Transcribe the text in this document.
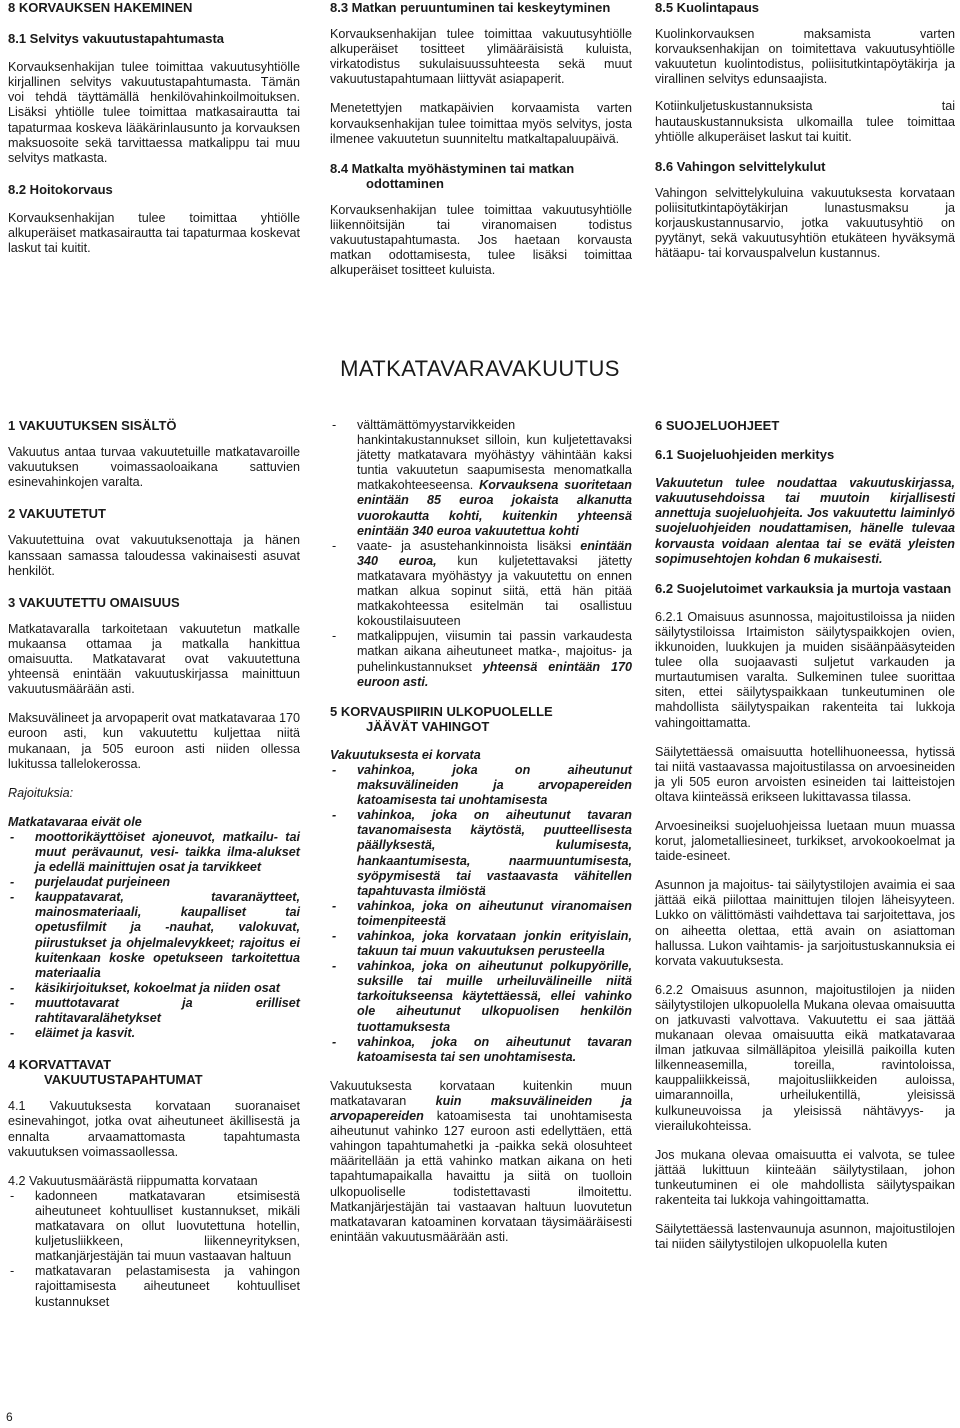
8 KORVAUKSEN HAKEMINEN
8.1 Selvitys vakuutustapahtumasta

Korvauksenhakijan tulee toimittaa vakuutusyhtiölle kirjallinen selvitys vakuutustapahtumasta. Tämän voi tehdä täyttämällä henkilövahinkoilmoituksen. Lisäksi yhtiölle tulee toimittaa matkasairautta tai tapaturmaa koskeva lääkärinlausunto ja korvauksen maksuosoite sekä tarvittaessa matkalippu tai muu selvitys matkasta.

8.2 Hoitokorvaus

Korvauksenhakijan tulee toimittaa yhtiölle alkuperäiset matkasairautta tai tapaturmaa koskevat laskut tai kuitit.

8.3 Matkan peruuntuminen tai keskeytyminen

Korvauksenhakijan tulee toimittaa vakuutusyhtiölle alkuperäiset tositteet ylimääräisistä kuluista, virkatodistus sukulaisuussuhteesta sekä muut vakuutustapahtumaan liittyvät asiapaperit.

Menetettyjen matkapäivien korvaamista varten korvauksenhakijan tulee toimittaa myös selvitys, josta ilmenee vakuutetun suunniteltu matkaltapaluupäivä.

8.4 Matkalta myöhästyminen tai matkan odottaminen

Korvauksenhakijan tulee toimittaa vakuutusyhtiölle liikennöitsijän tai viranomaisen todistus vakuutustapahtumasta. Jos haetaan korvausta matkan odottamisesta, tulee lisäksi toimittaa alkuperäiset tositteet kuluista.

8.5 Kuolintapaus

Kuolinkorvauksen maksamista varten korvauksenhakijan on toimitettava vakuutusyhtiölle vakuutetun kuolintodistus, poliisitutkintapöytäkirja ja virallinen selvitys edunsaajista.

Kotiinkuljetuskustannuksista tai hautauskustannuksista ulkomailla tulee toimittaa yhtiölle alkuperäiset laskut tai kuitit.

8.6 Vahingon selvittelykulut

Vahingon selvittelykuluina vakuutuksesta korvataan poliisitutkintapöytäkirjan lunastusmaksu ja korjauskustannusarvio, jotka vakuutusyhtiö on pyytänyt, sekä vakuutusyhtiön etukäteen hyväksymä hätäapu- tai korvauspalvelun kustannus.

MATKATAVARAVAKUUTUS
1 VAKUUTUKSEN SISÄLTÖ

Vakuutus antaa turvaa vakuutetuille matkatavaroille vakuutuksen voimassaoloaikana sattuvien esinevahinkojen varalta.

2 VAKUUTETUT

Vakuutettuina ovat vakuutuksenottaja ja hänen kanssaan samassa taloudessa vakinaisesti asuvat henkilöt.

3 VAKUUTETTU OMAISUUS

Matkatavaralla tarkoitetaan vakuutetun matkalle mukaansa ottamaa ja matkalla hankittua omaisuutta. Matkatavarat ovat vakuutettuna yhteensä enintään vakuutuskirjassa mainittuun vakuutusmäärään asti.

Maksuvälineet ja arvopaperit ovat matkatavaraa 170 euroon asti, kun vakuutettu kuljettaa niitä mukanaan, ja 505 euroon asti niiden ollessa lukitussa tallelokerossa.

Rajoituksia:

Matkatavaraa eivät ole

- moottorikäyttöiset ajoneuvot, matkailu- tai muut perävaunut, vesi- taikka ilma-alukset ja edellä mainittujen osat ja tarvikkeet
- purjelaudat purjeineen
- kauppatavarat, tavaranäytteet, mainosmateriaali, kaupalliset tai opetusfilmit ja -nauhat, valokuvat, piirustukset ja ohjelmalevykkeet; rajoitus ei kuitenkaan koske opetukseen tarkoitettua materiaalia
- käsikirjoitukset, kokoelmat ja niiden osat
- muuttotavarat ja erilliset rahtitavaralähetykset
- eläimet ja kasvit.
4 KORVATTAVAT
VAKUUTUSTAPAHTUMAT

4.1 Vakuutuksesta korvataan suoranaiset esinevahingot, jotka ovat aiheutuneet äkillisestä ja ennalta arvaamattomasta tapahtumasta vakuutuksen voimassaollessa.

4.2 Vakuutusmäärästä riippumatta korvataan

- kadonneen matkatavaran etsimisestä aiheutuneet kohtuulliset kustannukset, mikäli matkatavara on ollut luovutettuna hotellin, kuljetusliikkeen, liikenneyrityksen, matkanjärjestäjän tai muun vastaavan haltuun
- matkatavaran pelastamisesta ja vahingon rajoittamisesta aiheutuneet kohtuulliset kustannukset
- välttämättömyystarvikkeiden hankintakustannukset silloin, kun kuljetettavaksi jätetty matkatavara myöhästyy vähintään kaksi tuntia vakuutetun saapumisesta menomatkalla matkakohteeseensa. Korvauksena suoritetaan enintään 85 euroa jokaista alkanutta vuorokautta kohti, kuitenkin yhteensä enintään 340 euroa vakuutettua kohti
- vaate- ja asustehankinnoista lisäksi enintään 340 euroa, kun kuljetettavaksi jätetty matkatavara myöhästyy ja vakuutettu on ennen matkan alkua sopinut siitä, että hän pitää matkakohteessa esitelmän tai osallistuu kokoustilaisuuteen
- matkalippujen, viisumin tai passin varkaudesta matkan aikana aiheutuneet matka-, majoitus- ja puhelinkustannukset yhteensä enintään 170 euroon asti.
5 KORVAUSPIIRIN ULKOPUOLELLE
JÄÄVÄT VAHINGOT

Vakuutuksesta ei korvata

- vahinkoa, joka on aiheutunut maksuvälineiden ja arvopapereiden katoamisesta tai unohtamisesta
- vahinkoa, joka on aiheutunut tavaran tavanomaisesta käytöstä, puutteellisesta päällyksestä, kulumisesta, hankaantumisesta, naarmuuntumisesta, syöpymisestä tai vastaavasta vähitellen tapahtuvasta ilmiöstä
- vahinkoa, joka on aiheutunut viranomaisen toimenpiteestä
- vahinkoa, joka korvataan jonkin erityislain, takuun tai muun vakuutuksen perusteella
- vahinkoa, joka on aiheutunut polkupyörille, suksille tai muille urheiluvälineille niitä tarkoitukseensa käytettäessä, ellei vahinko ole aiheutunut ulkopuolisen henkilön tuottamuksesta
- vahinkoa, joka on aiheutunut tavaran katoamisesta tai sen unohtamisesta.

Vakuutuksesta korvataan kuitenkin muun matkatavaran kuin maksuvälineiden ja arvopapereiden katoamisesta tai unohtamisesta aiheutunut vahinko 127 euroon asti edellyttäen, että vahingon tapahtumahetki ja -paikka sekä olosuhteet määritellään ja että vahinko matkan aikana on heti tapahtumapaikalla havaittu ja siitä on tuolloin ulkopuoliselle todistettavasti ilmoitettu. Matkanjärjestäjän tai vastaavan haltuun luovutetun matkatavaran katoaminen korvataan täysimääräisesti enintään vakuutusmäärään asti.

6 SUOJELUOHJEET
6.1 Suojeluohjeiden merkitys

Vakuutetun tulee noudattaa vakuutuskirjassa, vakuutusehdoissa tai muutoin kirjallisesti annettuja suojeluohjeita. Jos vakuutettu laiminlyö suojeluohjeiden noudattamisen, hänelle tulevaa korvausta voidaan alentaa tai se evätä yleisten sopimusehtojen kohdan 6 mukaisesti.

6.2 Suojelutoimet varkauksia ja murtoja vastaan

6.2.1 Omaisuus asunnossa, majoitustiloissa ja niiden säilytystiloissa Irtaimiston säilytyspaikkojen ovien, ikkunoiden, luukkujen ja muiden sisäänpääsyteiden tulee olla suojaavasti suljetut varkauden ja murtautumisen varalta. Sulkeminen tulee suorittaa siten, ettei säilytyspaikkaan tunkeutuminen ole mahdollista säilytyspaikan rakenteita tai lukkoja vahingoittamatta.

Säilytettäessä omaisuutta hotellihuoneessa, hytissä tai niitä vastaavassa majoitustilassa on arvoesineiden ja yli 505 euron arvoisten esineiden tai laitteistojen oltava kiinteässä erikseen lukittavassa tilassa.

Arvoesineiksi suojeluohjeissa luetaan muun muassa korut, jalometalliesineet, turkikset, arvokookoelmat ja taide-esineet.

Asunnon ja majoitus- tai säilytystilojen avaimia ei saa jättää eikä piilottaa mainittujen tilojen läheisyyteen. Lukko on välittömästi vaihdettava tai sarjoitettava, jos on aiheetta olettaa, että avain on asiattoman hallussa. Lukon vaihtamis- ja sarjoitustuskannuksia ei korvata vakuutuksesta.

6.2.2 Omaisuus asunnon, majoitustilojen ja niiden säilytystilojen ulkopuolella Mukana olevaa omaisuutta on jatkuvasti valvottava. Vakuutettu ei saa jättää mukanaan olevaa omaisuutta eikä matkatavaraa ilman jatkuvaa silmälläpitoa yleisillä paikoilla kuten lilkenneasemilla, toreilla, ravintoloissa, kauppaliikkeissä, majoitusliikkeiden auloissa, uimarannoilla, urheilukentillä, yleisissä kulkuneuvoissa ja yleisissä nähtävyys- ja vierailukohteissa.

Jos mukana olevaa omaisuutta ei valvota, se tulee jättää lukittuun kiinteään säilytystilaan, johon tunkeutuminen ei ole mahdollista säilytyspaikan rakenteita tai lukkoja vahingoittamatta.

Säilytettäessä lastenvaunuja asunnon, majoitustilojen tai niiden säilytystilojen ulkopuolella kuten

6
